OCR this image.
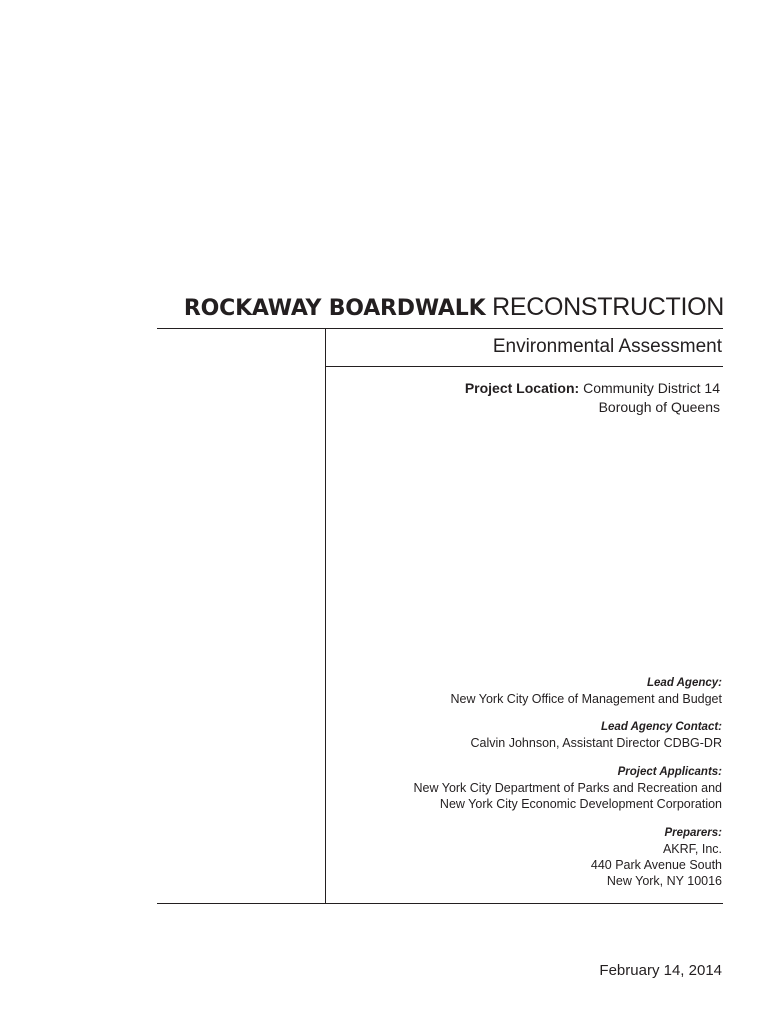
ROCKAWAY BOARDWALK RECONSTRUCTION
Environmental Assessment
Project Location: Community District 14
Borough of Queens
Lead Agency:
New York City Office of Management and Budget
Lead Agency Contact:
Calvin Johnson, Assistant Director CDBG-DR
Project Applicants:
New York City Department of Parks and Recreation and
New York City Economic Development Corporation
Preparers:
AKRF, Inc.
440 Park Avenue South
New York, NY 10016
February 14, 2014
